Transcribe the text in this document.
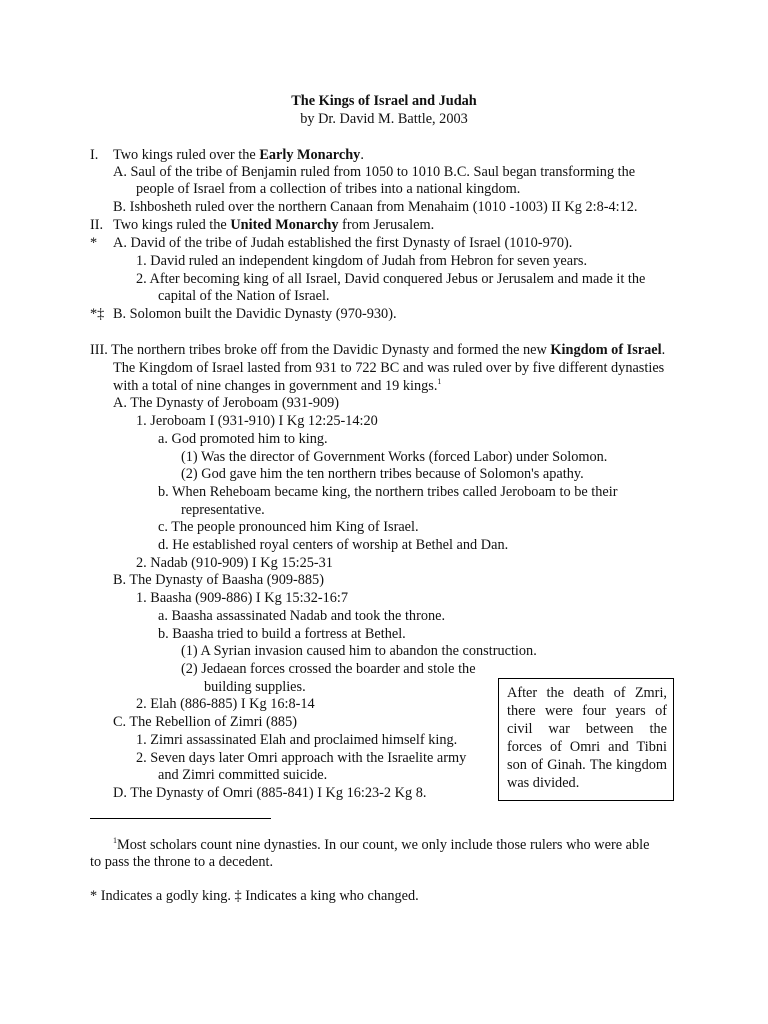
The Kings of Israel and Judah
by Dr. David M. Battle, 2003
I. Two kings ruled over the Early Monarchy.
A. Saul of the tribe of Benjamin ruled from 1050 to 1010 B.C. Saul began transforming the
people of Israel from a collection of tribes into a national kingdom.
B. Ishbosheth ruled over the northern Canaan from Menahaim (1010 -1003) II Kg 2:8-4:12.
II. Two kings ruled the United Monarchy from Jerusalem.
* A. David of the tribe of Judah established the first Dynasty of Israel (1010-970).
1. David ruled an independent kingdom of Judah from Hebron for seven years.
2. After becoming king of all Israel, David conquered Jebus or Jerusalem and made it the
capital of the Nation of Israel.
*‡ B. Solomon built the Davidic Dynasty (970-930).
III. The northern tribes broke off from the Davidic Dynasty and formed the new Kingdom of Israel.
The Kingdom of Israel lasted from 931 to 722 BC and was ruled over by five different dynasties
with a total of nine changes in government and 19 kings.$^1$
A. The Dynasty of Jeroboam (931-909)
1. Jeroboam I (931-910) I Kg 12:25-14:20
a. God promoted him to king.
(1) Was the director of Government Works (forced Labor) under Solomon.
(2) God gave him the ten northern tribes because of Solomon's apathy.
b. When Reheboam became king, the northern tribes called Jeroboam to be their
representative.
c. The people pronounced him King of Israel.
d. He established royal centers of worship at Bethel and Dan.
2. Nadab (910-909) I Kg 15:25-31
B. The Dynasty of Baasha (909-885)
1. Baasha (909-886) I Kg 15:32-16:7
a. Baasha assassinated Nadab and took the throne.
b. Baasha tried to build a fortress at Bethel.
(1) A Syrian invasion caused him to abandon the construction.
(2) Jedaean forces crossed the boarder and stole the
building supplies.
2. Elah (886-885) I Kg 16:8-14
C. The Rebellion of Zimri (885)
1. Zimri assassinated Elah and proclaimed himself king.
2. Seven days later Omri approach with the Israelite army
and Zimri committed suicide.
D. The Dynasty of Omri (885-841) I Kg 16:23-2 Kg 8.
After the death of Zmri, there were four years of civil war between the forces of Omri and Tibni son of Ginah. The kingdom was divided.
$^1$Most scholars count nine dynasties. In our count, we only include those rulers who were able
to pass the throne to a decedent.
* Indicates a godly king. ‡ Indicates a king who changed.
